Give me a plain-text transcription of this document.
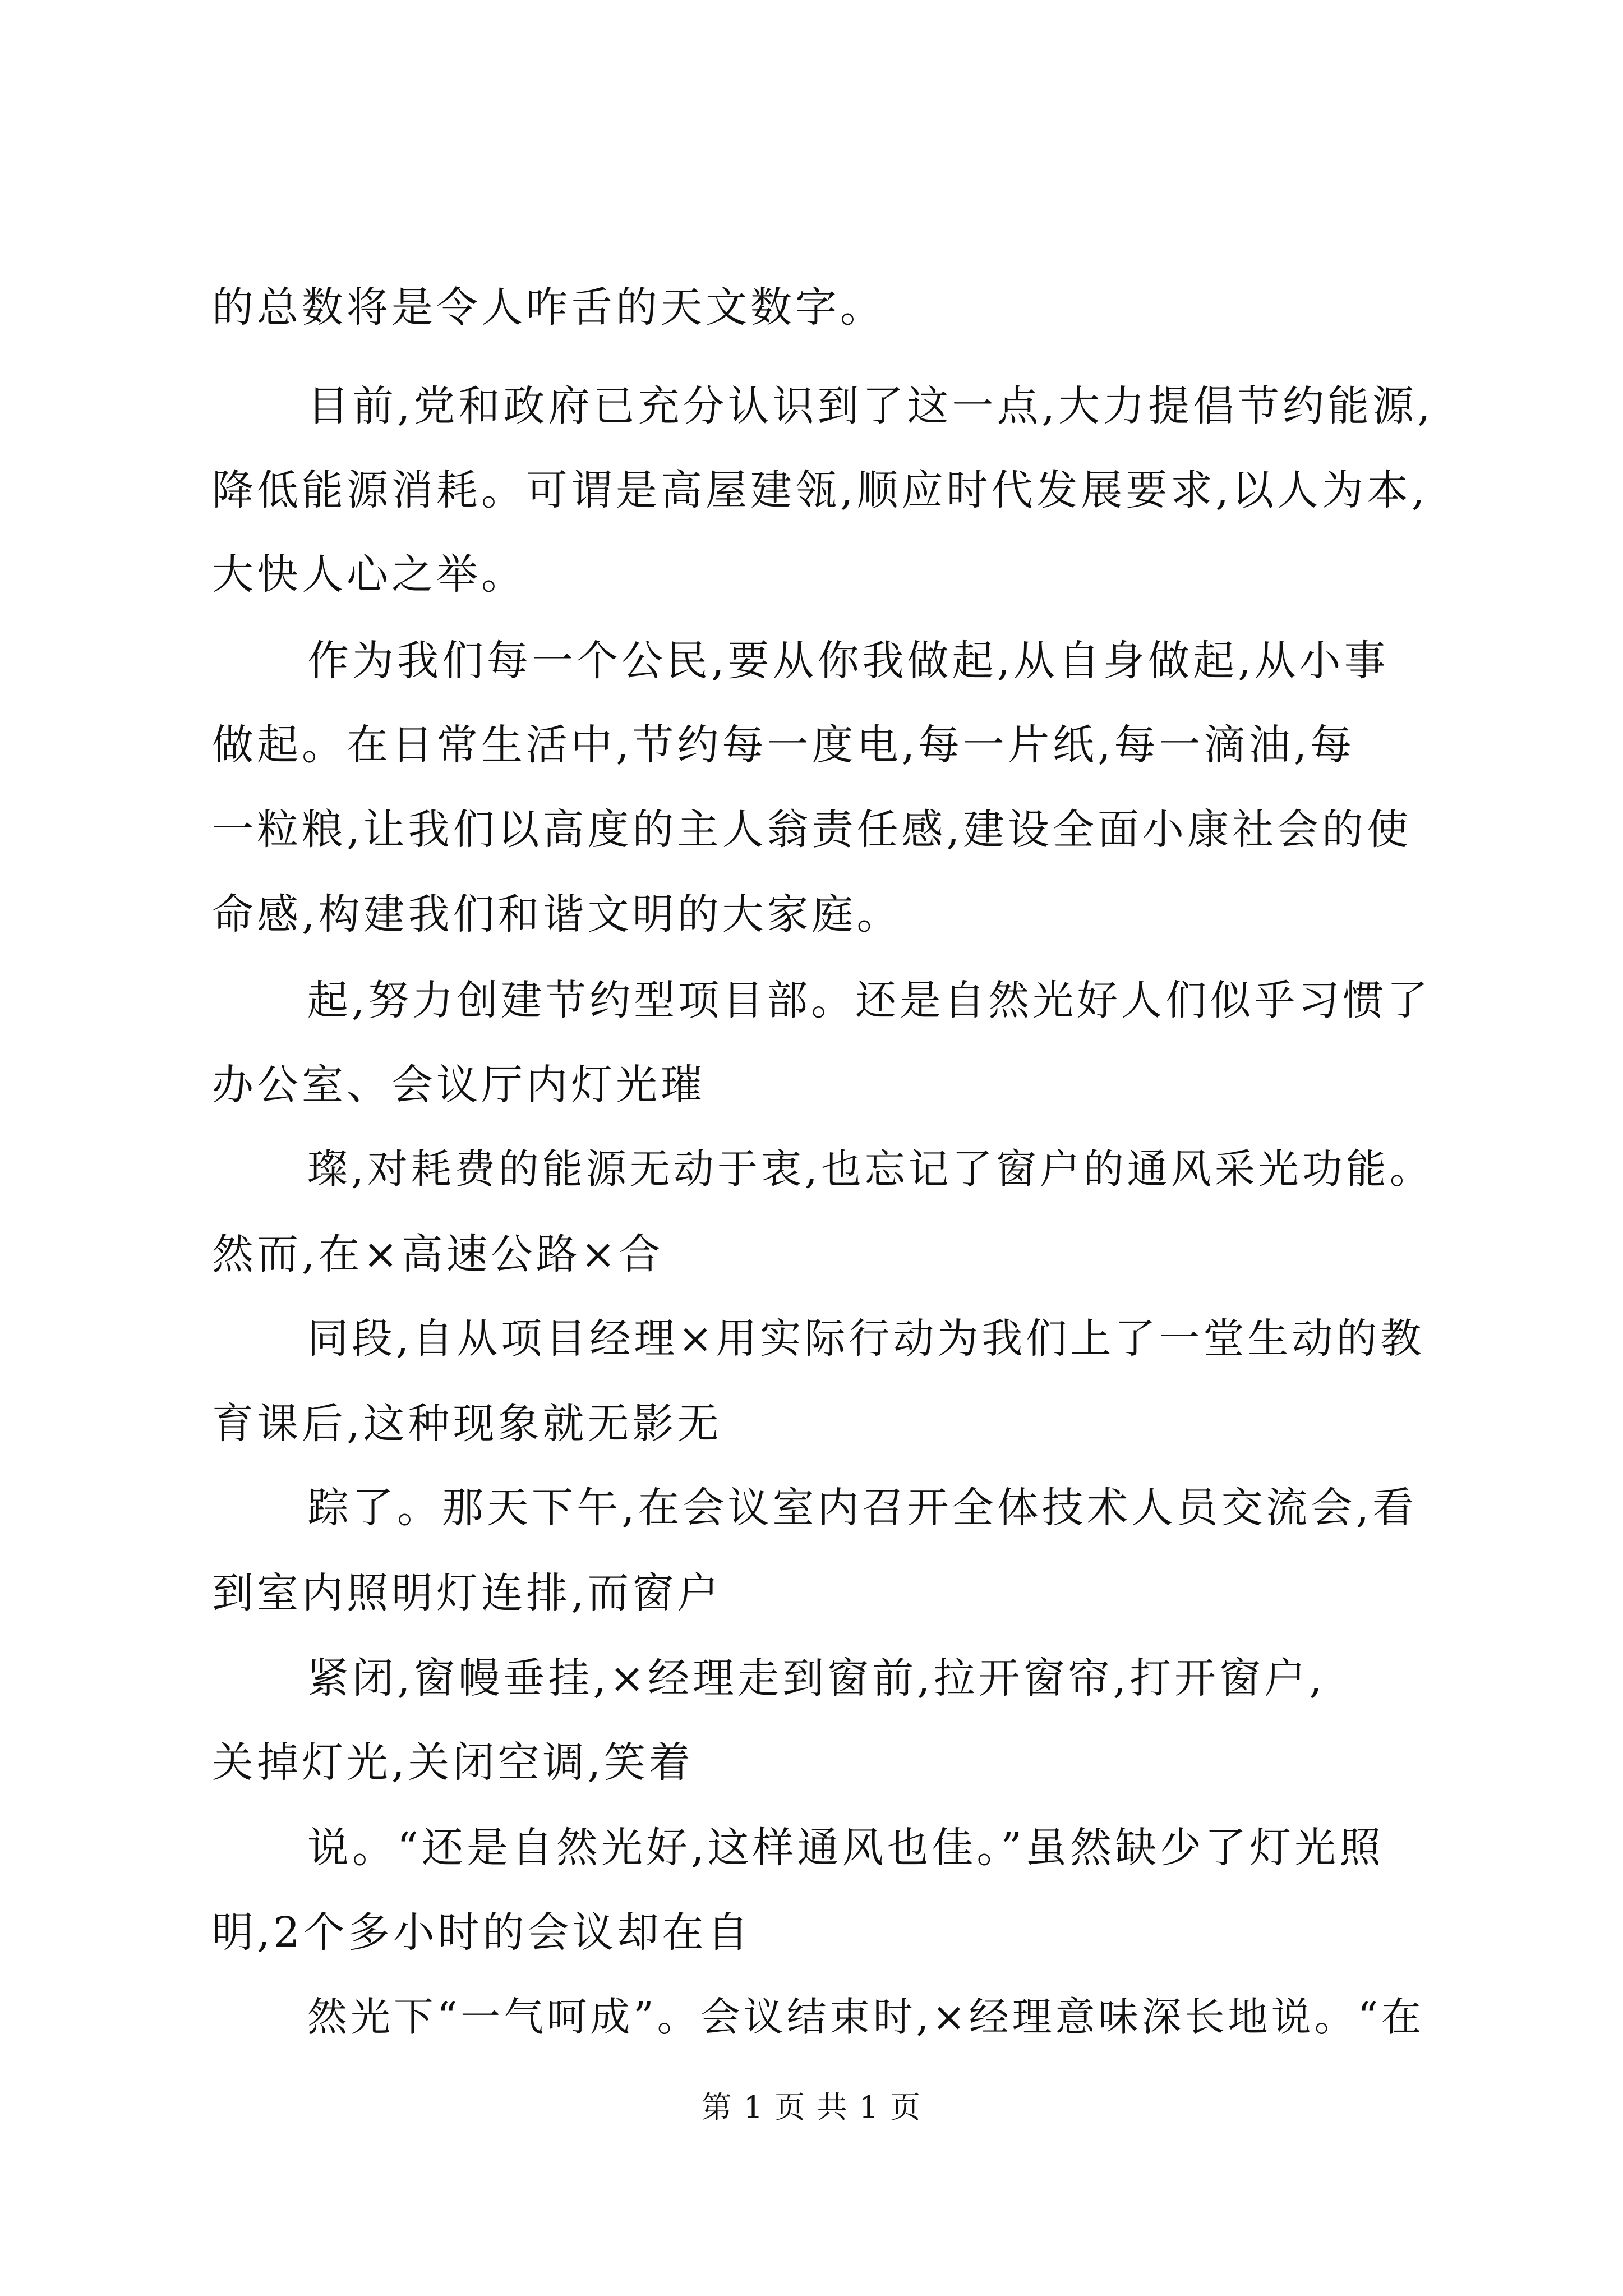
的总数将是令人咋舌的天文数字。
目前,党和政府已充分认识到了这一点,大力提倡节约能源,
降低能源消耗。可谓是高屋建瓴,顺应时代发展要求,以人为本,
大快人心之举。
作为我们每一个公民,要从你我做起,从自身做起,从小事
做起。在日常生活中,节约每一度电,每一片纸,每一滴油,每
一粒粮,让我们以高度的主人翁责任感,建设全面小康社会的使
命感,构建我们和谐文明的大家庭。
起,努力创建节约型项目部。还是自然光好人们似乎习惯了
办公室、会议厅内灯光璀
璨,对耗费的能源无动于衷,也忘记了窗户的通风采光功能。
然而,在×高速公路×合
同段,自从项目经理×用实际行动为我们上了一堂生动的教
育课后,这种现象就无影无
踪了。那天下午,在会议室内召开全体技术人员交流会,看
到室内照明灯连排,而窗户
紧闭,窗幔垂挂,×经理走到窗前,拉开窗帘,打开窗户,
关掉灯光,关闭空调,笑着
说。“还是自然光好,这样通风也佳。”虽然缺少了灯光照
明,2个多小时的会议却在自
然光下“一气呵成”。会议结束时,×经理意味深长地说。“在
第 1 页 共 1 页
